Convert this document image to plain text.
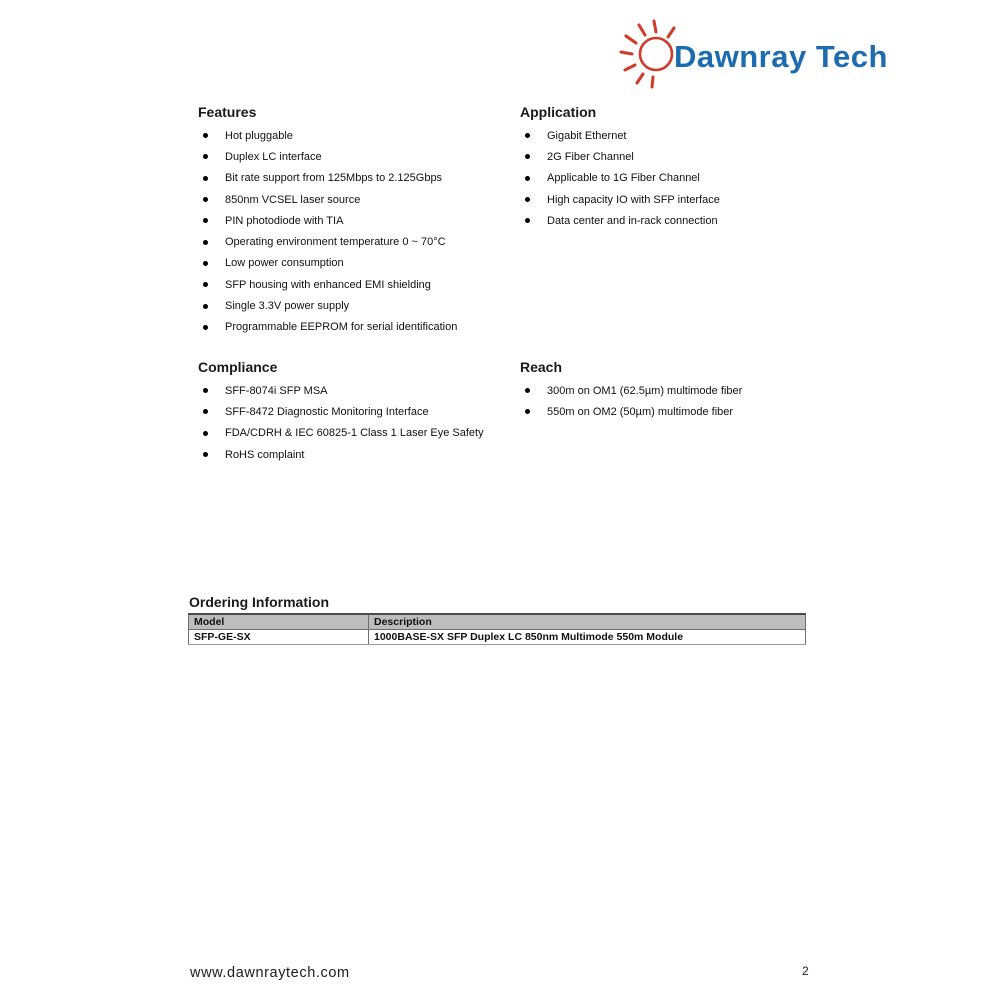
Dawnray Tech
Features
Hot pluggable
Duplex LC interface
Bit rate support from 125Mbps to 2.125Gbps
850nm VCSEL laser source
PIN photodiode with TIA
Operating environment temperature 0 ~ 70°C
Low power consumption
SFP housing with enhanced EMI shielding
Single 3.3V power supply
Programmable EEPROM for serial identification
Application
Gigabit Ethernet
2G Fiber Channel
Applicable to 1G Fiber Channel
High capacity IO with SFP interface
Data center and in-rack connection
Compliance
SFF-8074i SFP MSA
SFF-8472 Diagnostic Monitoring Interface
FDA/CDRH & IEC 60825-1 Class 1 Laser Eye Safety
RoHS complaint
Reach
300m on OM1 (62.5µm) multimode fiber
550m on OM2 (50µm) multimode fiber
Ordering Information
Model	Description
SFP-GE-SX	1000BASE-SX SFP Duplex LC 850nm Multimode 550m Module
www.dawnraytech.com	2
